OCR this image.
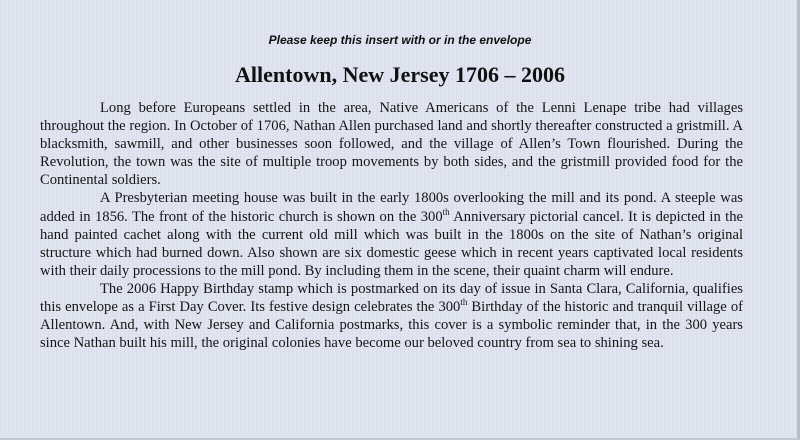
Please keep this insert with or in the envelope
Allentown, New Jersey 1706 – 2006

Long before Europeans settled in the area, Native Americans of the Lenni Lenape tribe had villages throughout the region. In October of 1706, Nathan Allen purchased land and shortly thereafter constructed a gristmill. A blacksmith, sawmill, and other businesses soon followed, and the village of Allen’s Town flourished. During the Revolution, the town was the site of multiple troop movements by both sides, and the gristmill provided food for the Continental soldiers.

A Presbyterian meeting house was built in the early 1800s overlooking the mill and its pond. A steeple was added in 1856. The front of the historic church is shown on the 300th Anniversary pictorial cancel. It is depicted in the hand painted cachet along with the current old mill which was built in the 1800s on the site of Nathan’s original structure which had burned down. Also shown are six domestic geese which in recent years captivated local residents with their daily processions to the mill pond. By including them in the scene, their quaint charm will endure.

The 2006 Happy Birthday stamp which is postmarked on its day of issue in Santa Clara, California, qualifies this envelope as a First Day Cover. Its festive design celebrates the 300th Birthday of the historic and tranquil village of Allentown. And, with New Jersey and California postmarks, this cover is a symbolic reminder that, in the 300 years since Nathan built his mill, the original colonies have become our beloved country from sea to shining sea.
